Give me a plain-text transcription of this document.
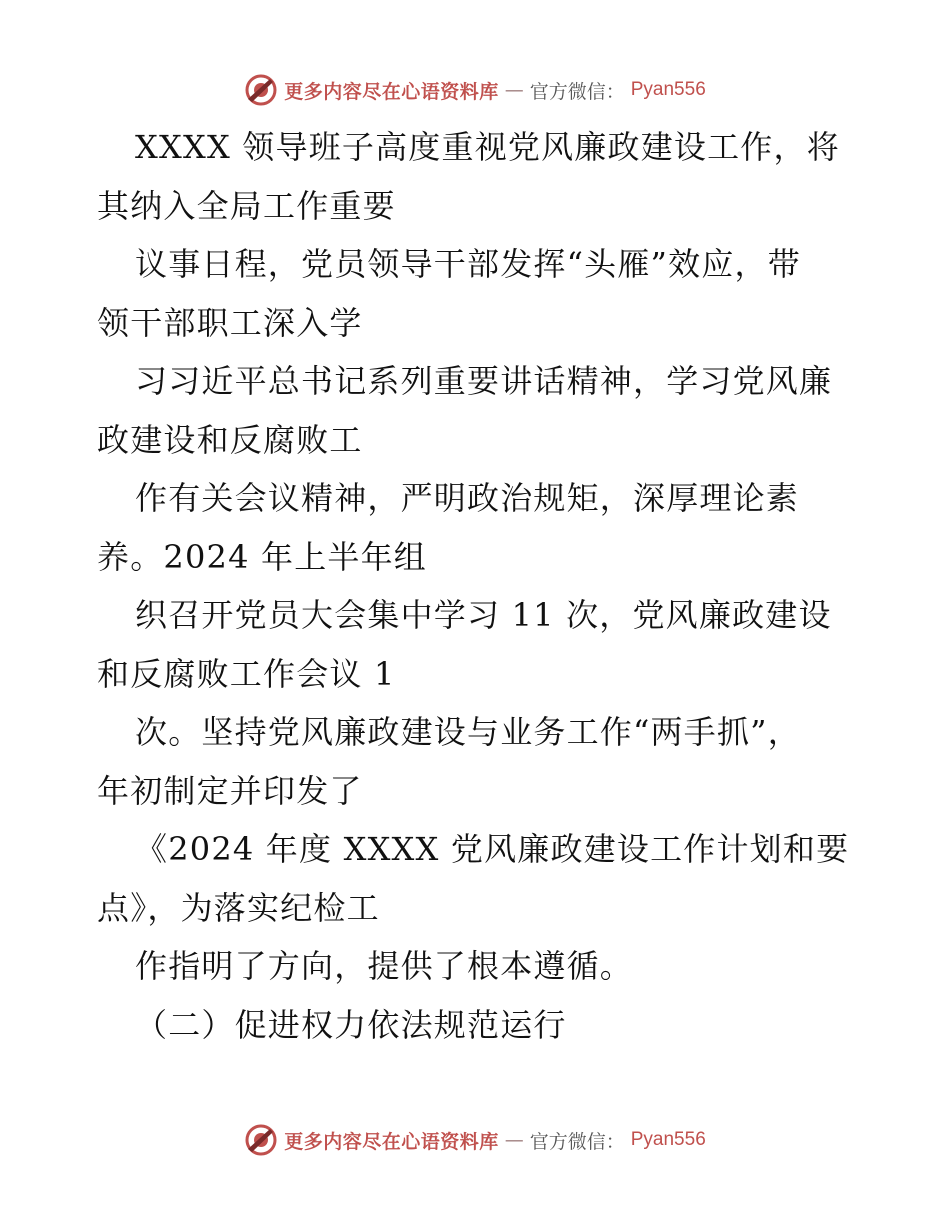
更多内容尽在心语资料库 — 官方微信： Pyan556
XXXX 领导班子高度重视党风廉政建设工作，将
其纳入全局工作重要
议事日程，党员领导干部发挥“头雁”效应，带
领干部职工深入学
习习近平总书记系列重要讲话精神，学习党风廉
政建设和反腐败工
作有关会议精神，严明政治规矩，深厚理论素
养。2024 年上半年组
织召开党员大会集中学习 11 次，党风廉政建设
和反腐败工作会议 1
次。坚持党风廉政建设与业务工作“两手抓”，
年初制定并印发了
《2024 年度 XXXX 党风廉政建设工作计划和要
点》，为落实纪检工
作指明了方向，提供了根本遵循。
（二）促进权力依法规范运行
更多内容尽在心语资料库 — 官方微信： Pyan556
